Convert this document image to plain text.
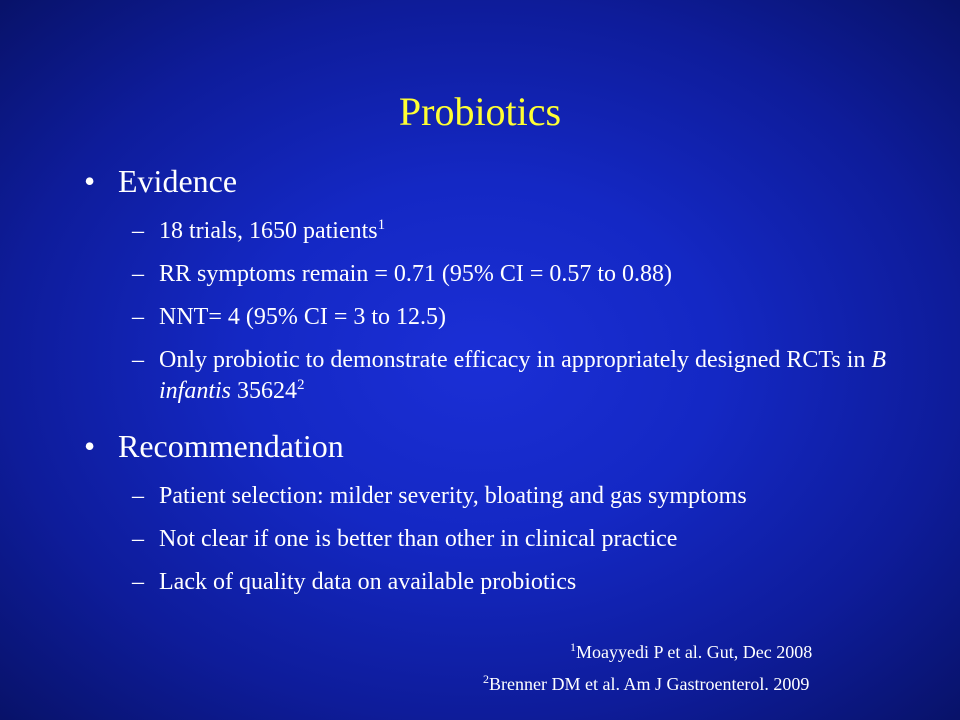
Probiotics
• Evidence
– 18 trials, 1650 patients$^1$
– RR symptoms remain = 0.71 (95% CI = 0.57 to 0.88)
– NNT= 4 (95% CI = 3 to 12.5)
– Only probiotic to demonstrate efficacy in appropriately designed RCTs in B infantis 35624$^2$
• Recommendation
– Patient selection: milder severity, bloating and gas symptoms
– Not clear if one is better than other in clinical practice
– Lack of quality data on available probiotics
$^1$Moayyedi P et al. Gut, Dec 2008
$^2$Brenner DM et al. Am J Gastroenterol. 2009
